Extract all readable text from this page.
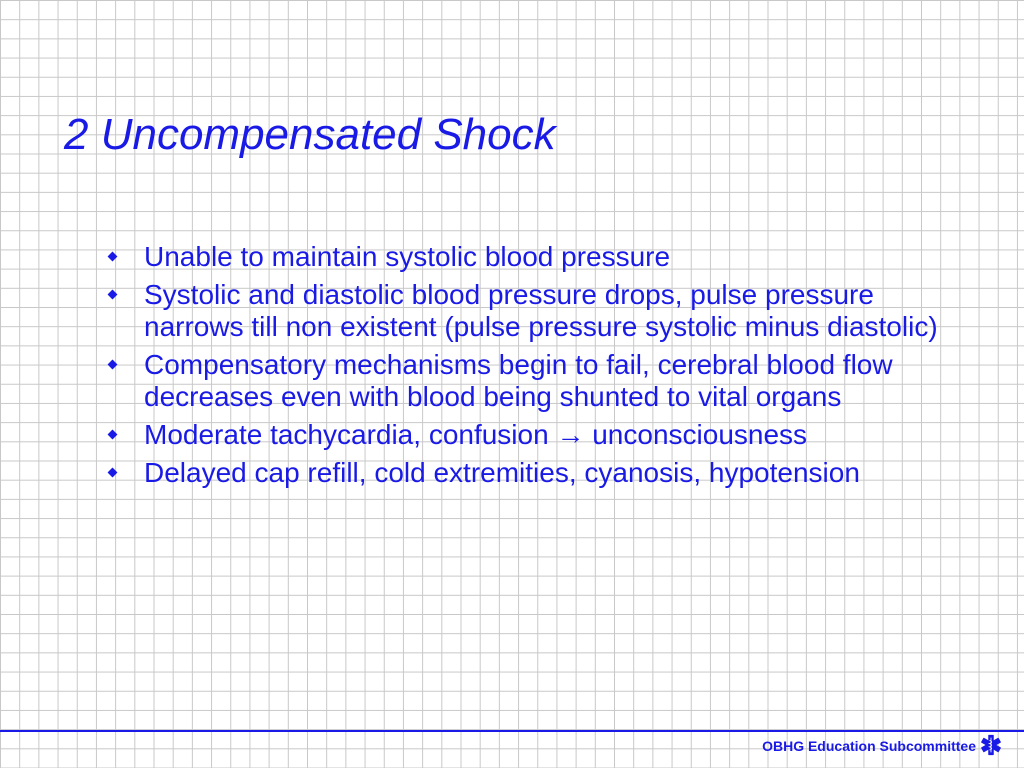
2 Uncompensated Shock
Unable to maintain systolic blood pressure
Systolic and diastolic blood pressure drops, pulse pressure narrows till non existent (pulse pressure systolic minus diastolic)
Compensatory mechanisms begin to fail, cerebral blood flow decreases even with blood being shunted to vital organs
Moderate tachycardia, confusion → unconsciousness
Delayed cap refill, cold extremities, cyanosis, hypotension
OBHG Education Subcommittee
